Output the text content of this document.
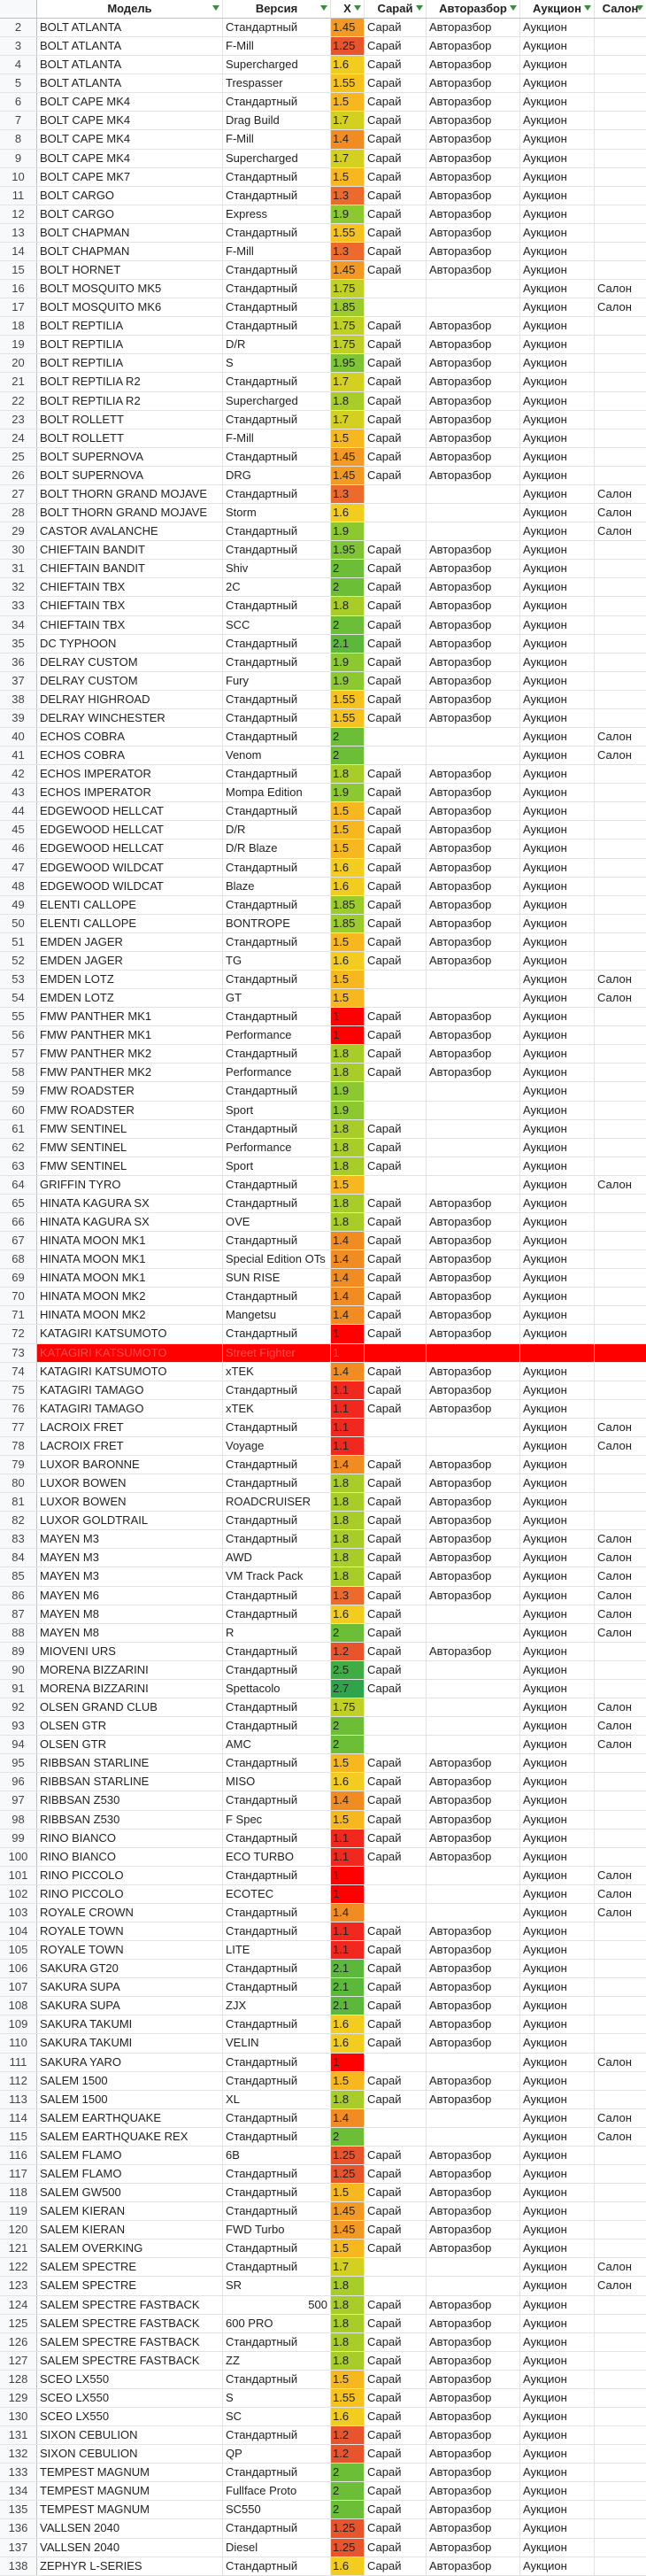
Модель	Версия	Х	Сарай	Авторазбор	Аукцион	Салон
2	BOLT ATLANTA	Стандартный	1.45	Сарай	Авторазбор	Аукцион
3	BOLT ATLANTA	F-Mill	1.25	Сарай	Авторазбор	Аукцион
4	BOLT ATLANTA	Supercharged	1.6	Сарай	Авторазбор	Аукцион
5	BOLT ATLANTA	Trespasser	1.55	Сарай	Авторазбор	Аукцион
6	BOLT CAPE MK4	Стандартный	1.5	Сарай	Авторазбор	Аукцион
7	BOLT CAPE MK4	Drag Build	1.7	Сарай	Авторазбор	Аукцион
8	BOLT CAPE MK4	F-Mill	1.4	Сарай	Авторазбор	Аукцион
9	BOLT CAPE MK4	Supercharged	1.7	Сарай	Авторазбор	Аукцион
10	BOLT CAPE MK7	Стандартный	1.5	Сарай	Авторазбор	Аукцион
11	BOLT CARGO	Стандартный	1.3	Сарай	Авторазбор	Аукцион
12	BOLT CARGO	Express	1.9	Сарай	Авторазбор	Аукцион
13	BOLT CHAPMAN	Стандартный	1.55	Сарай	Авторазбор	Аукцион
14	BOLT CHAPMAN	F-Mill	1.3	Сарай	Авторазбор	Аукцион
15	BOLT HORNET	Стандартный	1.45	Сарай	Авторазбор	Аукцион
16	BOLT MOSQUITO MK5	Стандартный	1.75	Аукцион	Салон
17	BOLT MOSQUITO MK6	Стандартный	1.85	Аукцион	Салон
18	BOLT REPTILIA	Стандартный	1.75	Сарай	Авторазбор	Аукцион
19	BOLT REPTILIA	D/R	1.75	Сарай	Авторазбор	Аукцион
20	BOLT REPTILIA	S	1.95	Сарай	Авторазбор	Аукцион
21	BOLT REPTILIA R2	Стандартный	1.7	Сарай	Авторазбор	Аукцион
22	BOLT REPTILIA R2	Supercharged	1.8	Сарай	Авторазбор	Аукцион
23	BOLT ROLLETT	Стандартный	1.7	Сарай	Авторазбор	Аукцион
24	BOLT ROLLETT	F-Mill	1.5	Сарай	Авторазбор	Аукцион
25	BOLT SUPERNOVA	Стандартный	1.45	Сарай	Авторазбор	Аукцион
26	BOLT SUPERNOVA	DRG	1.45	Сарай	Авторазбор	Аукцион
27	BOLT THORN GRAND MOJAVE	Стандартный	1.3	Аукцион	Салон
28	BOLT THORN GRAND MOJAVE	Storm	1.6	Аукцион	Салон
29	CASTOR AVALANCHE	Стандартный	1.9	Аукцион	Салон
30	CHIEFTAIN BANDIT	Стандартный	1.95	Сарай	Авторазбор	Аукцион
31	CHIEFTAIN BANDIT	Shiv	2	Сарай	Авторазбор	Аукцион
32	CHIEFTAIN TBX	2C	2	Сарай	Авторазбор	Аукцион
33	CHIEFTAIN TBX	Стандартный	1.8	Сарай	Авторазбор	Аукцион
34	CHIEFTAIN TBX	SCC	2	Сарай	Авторазбор	Аукцион
35	DC TYPHOON	Стандартный	2.1	Сарай	Авторазбор	Аукцион
36	DELRAY CUSTOM	Стандартный	1.9	Сарай	Авторазбор	Аукцион
37	DELRAY CUSTOM	Fury	1.9	Сарай	Авторазбор	Аукцион
38	DELRAY HIGHROAD	Стандартный	1.55	Сарай	Авторазбор	Аукцион
39	DELRAY WINCHESTER	Стандартный	1.55	Сарай	Авторазбор	Аукцион
40	ECHOS COBRA	Стандартный	2	Аукцион	Салон
41	ECHOS COBRA	Venom	2	Аукцион	Салон
42	ECHOS IMPERATOR	Стандартный	1.8	Сарай	Авторазбор	Аукцион
43	ECHOS IMPERATOR	Mompa Edition	1.9	Сарай	Авторазбор	Аукцион
44	EDGEWOOD HELLCAT	Стандартный	1.5	Сарай	Авторазбор	Аукцион
45	EDGEWOOD HELLCAT	D/R	1.5	Сарай	Авторазбор	Аукцион
46	EDGEWOOD HELLCAT	D/R Blaze	1.5	Сарай	Авторазбор	Аукцион
47	EDGEWOOD WILDCAT	Стандартный	1.6	Сарай	Авторазбор	Аукцион
48	EDGEWOOD WILDCAT	Blaze	1.6	Сарай	Авторазбор	Аукцион
49	ELENTI CALLOPE	Стандартный	1.85	Сарай	Авторазбор	Аукцион
50	ELENTI CALLOPE	BONTROPE	1.85	Сарай	Авторазбор	Аукцион
51	EMDEN JAGER	Стандартный	1.5	Сарай	Авторазбор	Аукцион
52	EMDEN JAGER	TG	1.6	Сарай	Авторазбор	Аукцион
53	EMDEN LOTZ	Стандартный	1.5	Аукцион	Салон
54	EMDEN LOTZ	GT	1.5	Аукцион	Салон
55	FMW PANTHER MK1	Стандартный	1	Сарай	Авторазбор	Аукцион
56	FMW PANTHER MK1	Performance	1	Сарай	Авторазбор	Аукцион
57	FMW PANTHER MK2	Стандартный	1.8	Сарай	Авторазбор	Аукцион
58	FMW PANTHER MK2	Performance	1.8	Сарай	Авторазбор	Аукцион
59	FMW ROADSTER	Стандартный	1.9	Аукцион
60	FMW ROADSTER	Sport	1.9	Аукцион
61	FMW SENTINEL	Стандартный	1.8	Сарай	Аукцион
62	FMW SENTINEL	Performance	1.8	Сарай	Аукцион
63	FMW SENTINEL	Sport	1.8	Сарай	Аукцион
64	GRIFFIN TYRO	Стандартный	1.5	Аукцион	Салон
65	HINATA KAGURA SX	Стандартный	1.8	Сарай	Авторазбор	Аукцион
66	HINATA KAGURA SX	OVE	1.8	Сарай	Авторазбор	Аукцион
67	HINATA MOON MK1	Стандартный	1.4	Сарай	Авторазбор	Аукцион
68	HINATA MOON MK1	Special Edition OTs 1.4	Сарай	Авторазбор	Аукцион
69	HINATA MOON MK1	SUN RISE	1.4	Сарай	Авторазбор	Аукцион
70	HINATA MOON MK2	Стандартный	1.4	Сарай	Авторазбор	Аукцион
71	HINATA MOON MK2	Mangetsu	1.4	Сарай	Авторазбор	Аукцион
72	KATAGIRI KATSUMOTO	Стандартный	1	Сарай	Авторазбор	Аукцион
73	KATAGIRI KATSUMOTO	Street Fighter	1
74	KATAGIRI KATSUMOTO	xTEK	1.4	Сарай	Авторазбор	Аукцион
75	KATAGIRI TAMAGO	Стандартный	1.1	Сарай	Авторазбор	Аукцион
76	KATAGIRI TAMAGO	xTEK	1.1	Сарай	Авторазбор	Аукцион
77	LACROIX FRET	Стандартный	1.1	Аукцион	Салон
78	LACROIX FRET	Voyage	1.1	Аукцион	Салон
79	LUXOR BARONNE	Стандартный	1.4	Сарай	Авторазбор	Аукцион
80	LUXOR BOWEN	Стандартный	1.8	Сарай	Авторазбор	Аукцион
81	LUXOR BOWEN	ROADCRUISER	1.8	Сарай	Авторазбор	Аукцион
82	LUXOR GOLDTRAIL	Стандартный	1.8	Сарай	Авторазбор	Аукцион
83	MAYEN M3	Стандартный	1.8	Сарай	Авторазбор	Аукцион	Салон
84	MAYEN M3	AWD	1.8	Сарай	Авторазбор	Аукцион	Салон
85	MAYEN M3	VM Track Pack	1.8	Сарай	Авторазбор	Аукцион	Салон
86	MAYEN M6	Стандартный	1.3	Сарай	Авторазбор	Аукцион	Салон
87	MAYEN M8	Стандартный	1.6	Сарай	Аукцион	Салон
88	MAYEN M8	R	2	Сарай	Аукцион	Салон
89	MIOVENI URS	Стандартный	1.2	Сарай	Авторазбор	Аукцион
90	MORENA BIZZARINI	Стандартный	2.5	Сарай	Аукцион
91	MORENA BIZZARINI	Spettacolo	2.7	Сарай	Аукцион
92	OLSEN GRAND CLUB	Стандартный	1.75	Аукцион	Салон
93	OLSEN GTR	Стандартный	2	Аукцион	Салон
94	OLSEN GTR	AMC	2	Аукцион	Салон
95	RIBBSAN STARLINE	Стандартный	1.5	Сарай	Авторазбор	Аукцион
96	RIBBSAN STARLINE	MISO	1.6	Сарай	Авторазбор	Аукцион
97	RIBBSAN Z530	Стандартный	1.4	Сарай	Авторазбор	Аукцион
98	RIBBSAN Z530	F Spec	1.5	Сарай	Авторазбор	Аукцион
99	RINO BIANCO	Стандартный	1.1	Сарай	Авторазбор	Аукцион
100	RINO BIANCO	ECO TURBO	1.1	Сарай	Авторазбор	Аукцион
101	RINO PICCOLO	Стандартный	1	Аукцион	Салон
102	RINO PICCOLO	ECOTEC	1	Аукцион	Салон
103	ROYALE CROWN	Стандартный	1.4	Аукцион	Салон
104	ROYALE TOWN	Стандартный	1.1	Сарай	Авторазбор	Аукцион
105	ROYALE TOWN	LITE	1.1	Сарай	Авторазбор	Аукцион
106	SAKURA GT20	Стандартный	2.1	Сарай	Авторазбор	Аукцион
107	SAKURA SUPA	Стандартный	2.1	Сарай	Авторазбор	Аукцион
108	SAKURA SUPA	ZJX	2.1	Сарай	Авторазбор	Аукцион
109	SAKURA TAKUMI	Стандартный	1.6	Сарай	Авторазбор	Аукцион
110	SAKURA TAKUMI	VELIN	1.6	Сарай	Авторазбор	Аукцион
111	SAKURA YARO	Стандартный	1	Аукцион	Салон
112	SALEM 1500	Стандартный	1.5	Сарай	Авторазбор	Аукцион
113	SALEM 1500	XL	1.8	Сарай	Авторазбор	Аукцион
114	SALEM EARTHQUAKE	Стандартный	1.4	Аукцион	Салон
115	SALEM EARTHQUAKE REX	Стандартный	2	Аукцион	Салон
116	SALEM FLAMO	6B	1.25	Сарай	Авторазбор	Аукцион
117	SALEM FLAMO	Стандартный	1.25	Сарай	Авторазбор	Аукцион
118	SALEM GW500	Стандартный	1.5	Сарай	Авторазбор	Аукцион
119	SALEM KIERAN	Стандартный	1.45	Сарай	Авторазбор	Аукцион
120	SALEM KIERAN	FWD Turbo	1.45	Сарай	Авторазбор	Аукцион
121	SALEM OVERKING	Стандартный	1.5	Сарай	Авторазбор	Аукцион
122	SALEM SPECTRE	Стандартный	1.7	Аукцион	Салон
123	SALEM SPECTRE	SR	1.8	Аукцион	Салон
124	SALEM SPECTRE FASTBACK	500 1.8	Сарай	Авторазбор	Аукцион
125	SALEM SPECTRE FASTBACK	600 PRO	1.8	Сарай	Авторазбор	Аукцион
126	SALEM SPECTRE FASTBACK	Стандартный	1.8	Сарай	Авторазбор	Аукцион
127	SALEM SPECTRE FASTBACK	ZZ	1.8	Сарай	Авторазбор	Аукцион
128	SCEO LX550	Стандартный	1.5	Сарай	Авторазбор	Аукцион
129	SCEO LX550	S	1.55	Сарай	Авторазбор	Аукцион
130	SCEO LX550	SC	1.6	Сарай	Авторазбор	Аукцион
131	SIXON CEBULION	Стандартный	1.2	Сарай	Авторазбор	Аукцион
132	SIXON CEBULION	QP	1.2	Сарай	Авторазбор	Аукцион
133	TEMPEST MAGNUM	Стандартный	2	Сарай	Авторазбор	Аукцион
134	TEMPEST MAGNUM	Fullface Proto	2	Сарай	Авторазбор	Аукцион
135	TEMPEST MAGNUM	SC550	2	Сарай	Авторазбор	Аукцион
136	VALLSEN 2040	Стандартный	1.25	Сарай	Авторазбор	Аукцион
137	VALLSEN 2040	Diesel	1.25	Сарай	Авторазбор	Аукцион
138	ZEPHYR L-SERIES	Стандартный	1.6	Сарай	Авторазбор	Аукцион
